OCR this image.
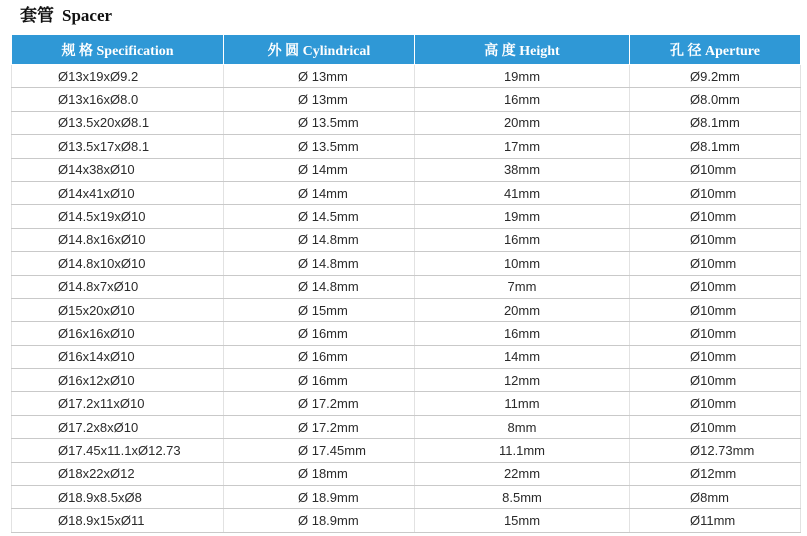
套管 Spacer
规 格 Specification	外 圆 Cylindrical	高 度 Height	孔 径 Aperture
Ø13x19xØ9.2	Ø 13mm	19mm	Ø9.2mm
Ø13x16xØ8.0	Ø 13mm	16mm	Ø8.0mm
Ø13.5x20xØ8.1	Ø 13.5mm	20mm	Ø8.1mm
Ø13.5x17xØ8.1	Ø 13.5mm	17mm	Ø8.1mm
Ø14x38xØ10	Ø 14mm	38mm	Ø10mm
Ø14x41xØ10	Ø 14mm	41mm	Ø10mm
Ø14.5x19xØ10	Ø 14.5mm	19mm	Ø10mm
Ø14.8x16xØ10	Ø 14.8mm	16mm	Ø10mm
Ø14.8x10xØ10	Ø 14.8mm	10mm	Ø10mm
Ø14.8x7xØ10	Ø 14.8mm	7mm	Ø10mm
Ø15x20xØ10	Ø 15mm	20mm	Ø10mm
Ø16x16xØ10	Ø 16mm	16mm	Ø10mm
Ø16x14xØ10	Ø 16mm	14mm	Ø10mm
Ø16x12xØ10	Ø 16mm	12mm	Ø10mm
Ø17.2x11xØ10	Ø 17.2mm	11mm	Ø10mm
Ø17.2x8xØ10	Ø 17.2mm	8mm	Ø10mm
Ø17.45x11.1xØ12.73	Ø 17.45mm	11.1mm	Ø12.73mm
Ø18x22xØ12	Ø 18mm	22mm	Ø12mm
Ø18.9x8.5xØ8	Ø 18.9mm	8.5mm	Ø8mm
Ø18.9x15xØ11	Ø 18.9mm	15mm	Ø11mm
